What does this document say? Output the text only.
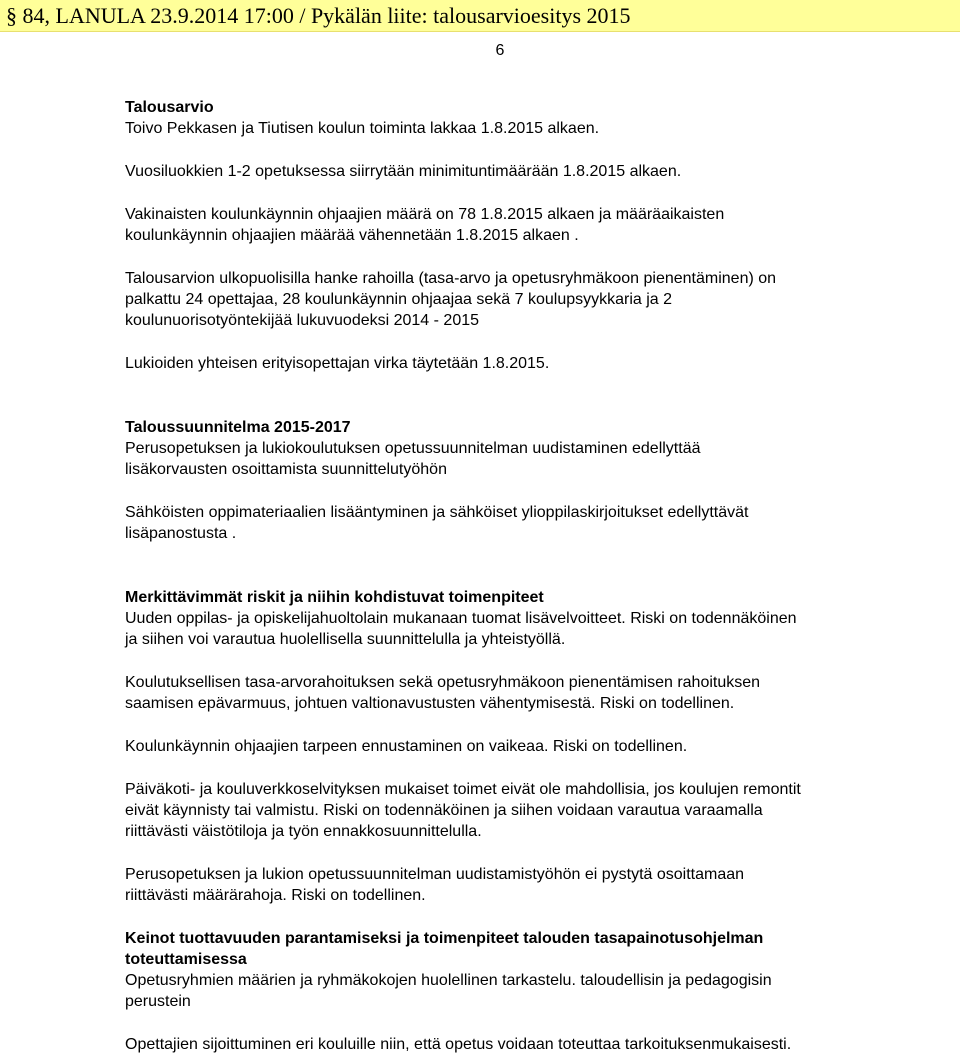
§ 84, LANULA 23.9.2014 17:00 / Pykälän liite: talousarvioesitys 2015
6

Talousarvio

Toivo Pekkasen ja Tiutisen koulun toiminta lakkaa 1.8.2015 alkaen.

Vuosiluokkien 1-2 opetuksessa siirrytään minimituntimäärään 1.8.2015 alkaen.

Vakinaisten koulunkäynnin ohjaajien määrä on 78 1.8.2015 alkaen ja määräaikaisten

koulunkäynnin ohjaajien määrää vähennetään 1.8.2015 alkaen .

Talousarvion ulkopuolisilla hanke rahoilla (tasa-arvo ja opetusryhmäkoon pienentäminen) on

palkattu 24 opettajaa, 28 koulunkäynnin ohjaajaa sekä 7 koulupsyykkaria ja 2

koulunuorisotyöntekijää lukuvuodeksi 2014 - 2015

Lukioiden yhteisen erityisopettajan virka täytetään 1.8.2015.

Taloussuunnitelma 2015-2017

Perusopetuksen ja lukiokoulutuksen opetussuunnitelman uudistaminen edellyttää

lisäkorvausten osoittamista suunnittelutyöhön

Sähköisten oppimateriaalien lisääntyminen ja sähköiset ylioppilaskirjoitukset edellyttävät

lisäpanostusta .

Merkittävimmät riskit ja niihin kohdistuvat toimenpiteet

Uuden oppilas- ja opiskelijahuoltolain mukanaan tuomat lisävelvoitteet. Riski on todennäköinen

ja siihen voi varautua huolellisella suunnittelulla ja yhteistyöllä.

Koulutuksellisen tasa-arvorahoituksen sekä opetusryhmäkoon pienentämisen rahoituksen

saamisen epävarmuus, johtuen valtionavustusten vähentymisestä. Riski on todellinen.

Koulunkäynnin ohjaajien tarpeen ennustaminen on vaikeaa. Riski on todellinen.

Päiväkoti- ja kouluverkkoselvityksen mukaiset toimet eivät ole mahdollisia, jos koulujen remontit

eivät käynnisty tai valmistu. Riski on todennäköinen ja siihen voidaan varautua varaamalla

riittävästi väistötiloja ja työn ennakkosuunnittelulla.

Perusopetuksen ja lukion opetussuunnitelman uudistamistyöhön ei pystytä osoittamaan

riittävästi määrärahoja. Riski on todellinen.

Keinot tuottavuuden parantamiseksi ja toimenpiteet talouden tasapainotusohjelman

toteuttamisessa

Opetusryhmien määrien ja ryhmäkokojen huolellinen tarkastelu. taloudellisin ja pedagogisin

perustein

Opettajien sijoittuminen eri kouluille niin, että opetus voidaan toteuttaa tarkoituksenmukaisesti.
